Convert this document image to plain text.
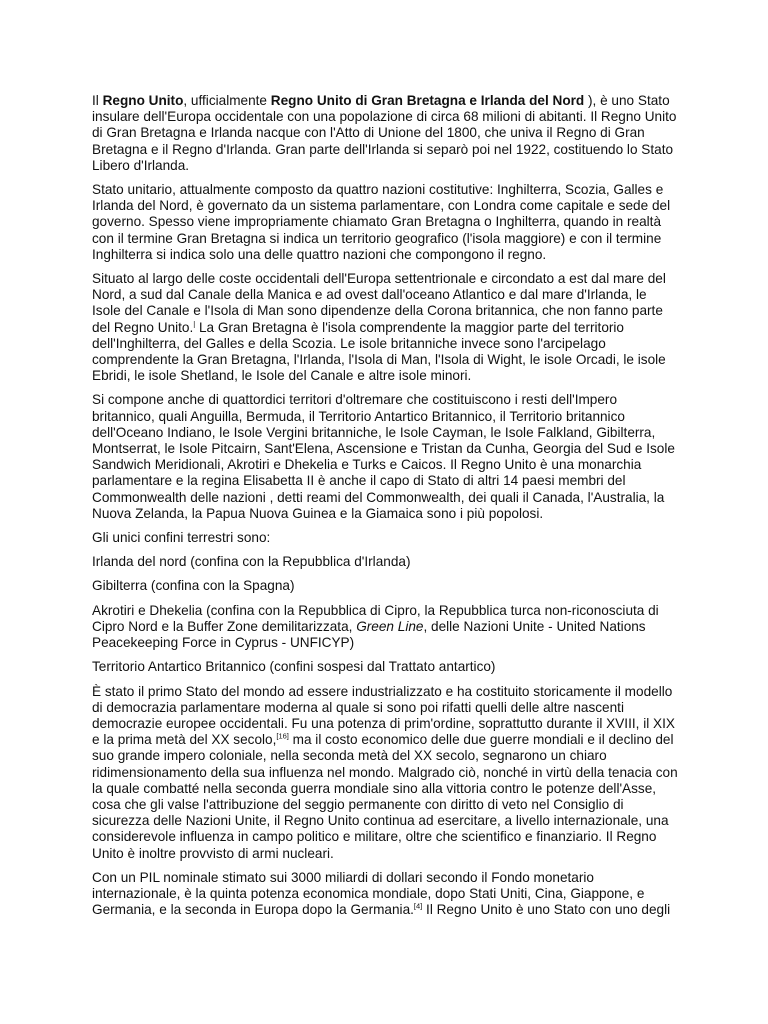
Il Regno Unito, ufficialmente Regno Unito di Gran Bretagna e Irlanda del Nord ), è uno Stato insulare dell'Europa occidentale con una popolazione di circa 68 milioni di abitanti. Il Regno Unito di Gran Bretagna e Irlanda nacque con l'Atto di Unione del 1800, che univa il Regno di Gran Bretagna e il Regno d'Irlanda. Gran parte dell'Irlanda si separò poi nel 1922, costituendo lo Stato Libero d'Irlanda.

Stato unitario, attualmente composto da quattro nazioni costitutive: Inghilterra, Scozia, Galles e Irlanda del Nord, è governato da un sistema parlamentare, con Londra come capitale e sede del governo. Spesso viene impropriamente chiamato Gran Bretagna o Inghilterra, quando in realtà con il termine Gran Bretagna si indica un territorio geografico (l'isola maggiore) e con il termine Inghilterra si indica solo una delle quattro nazioni che compongono il regno.

Situato al largo delle coste occidentali dell'Europa settentrionale e circondato a est dal mare del Nord, a sud dal Canale della Manica e ad ovest dall'oceano Atlantico e dal mare d'Irlanda, le Isole del Canale e l'Isola di Man sono dipendenze della Corona britannica, che non fanno parte del Regno Unito.| La Gran Bretagna è l'isola comprendente la maggior parte del territorio dell'Inghilterra, del Galles e della Scozia. Le isole britanniche invece sono l'arcipelago comprendente la Gran Bretagna, l'Irlanda, l'Isola di Man, l'Isola di Wight, le isole Orcadi, le isole Ebridi, le isole Shetland, le Isole del Canale e altre isole minori.

Si compone anche di quattordici territori d'oltremare che costituiscono i resti dell'Impero britannico, quali Anguilla, Bermuda, il Territorio Antartico Britannico, il Territorio britannico dell'Oceano Indiano, le Isole Vergini britanniche, le Isole Cayman, le Isole Falkland, Gibilterra, Montserrat, le Isole Pitcairn, Sant'Elena, Ascensione e Tristan da Cunha, Georgia del Sud e Isole Sandwich Meridionali, Akrotiri e Dhekelia e Turks e Caicos. Il Regno Unito è una monarchia parlamentare e la regina Elisabetta II è anche il capo di Stato di altri 14 paesi membri del Commonwealth delle nazioni , detti reami del Commonwealth, dei quali il Canada, l'Australia, la Nuova Zelanda, la Papua Nuova Guinea e la Giamaica sono i più popolosi.

Gli unici confini terrestri sono:

Irlanda del nord (confina con la Repubblica d'Irlanda)

Gibilterra (confina con la Spagna)

Akrotiri e Dhekelia (confina con la Repubblica di Cipro, la Repubblica turca non-riconosciuta di Cipro Nord e la Buffer Zone demilitarizzata, Green Line, delle Nazioni Unite - United Nations Peacekeeping Force in Cyprus - UNFICYP)

Territorio Antartico Britannico (confini sospesi dal Trattato antartico)

È stato il primo Stato del mondo ad essere industrializzato e ha costituito storicamente il modello di democrazia parlamentare moderna al quale si sono poi rifatti quelli delle altre nascenti democrazie europee occidentali. Fu una potenza di prim'ordine, soprattutto durante il XVIII, il XIX e la prima metà del XX secolo,[16] ma il costo economico delle due guerre mondiali e il declino del suo grande impero coloniale, nella seconda metà del XX secolo, segnarono un chiaro ridimensionamento della sua influenza nel mondo. Malgrado ciò, nonché in virtù della tenacia con la quale combatté nella seconda guerra mondiale sino alla vittoria contro le potenze dell'Asse, cosa che gli valse l'attribuzione del seggio permanente con diritto di veto nel Consiglio di sicurezza delle Nazioni Unite, il Regno Unito continua ad esercitare, a livello internazionale, una considerevole influenza in campo politico e militare, oltre che scientifico e finanziario. Il Regno Unito è inoltre provvisto di armi nucleari.

Con un PIL nominale stimato sui 3000 miliardi di dollari secondo il Fondo monetario internazionale, è la quinta potenza economica mondiale, dopo Stati Uniti, Cina, Giappone, e Germania, e la seconda in Europa dopo la Germania.[4] Il Regno Unito è uno Stato con uno degli
